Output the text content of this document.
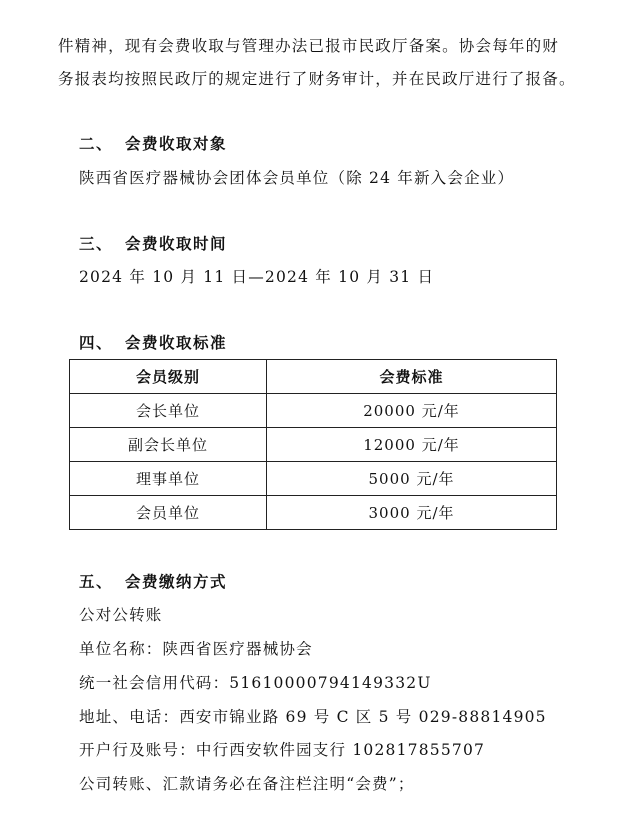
件精神，现有会费收取与管理办法已报市民政厅备案。协会每年的财
务报表均按照民政厅的规定进行了财务审计，并在民政厅进行了报备。
二、 会费收取对象
陕西省医疗器械协会团体会员单位（除 24 年新入会企业）
三、 会费收取时间
2024 年 10 月 11 日—2024 年 10 月 31 日
四、 会费收取标准
会员级别	会费标准
会长单位	20000 元/年
副会长单位	12000 元/年
理事单位	5000 元/年
会员单位	3000 元/年
五、 会费缴纳方式
公对公转账
单位名称：陕西省医疗器械协会
统一社会信用代码：51610000794149332U
地址、电话：西安市锦业路 69 号 C 区 5 号 029-88814905
开户行及账号：中行西安软件园支行 102817855707
公司转账、汇款请务必在备注栏注明“会费”；
